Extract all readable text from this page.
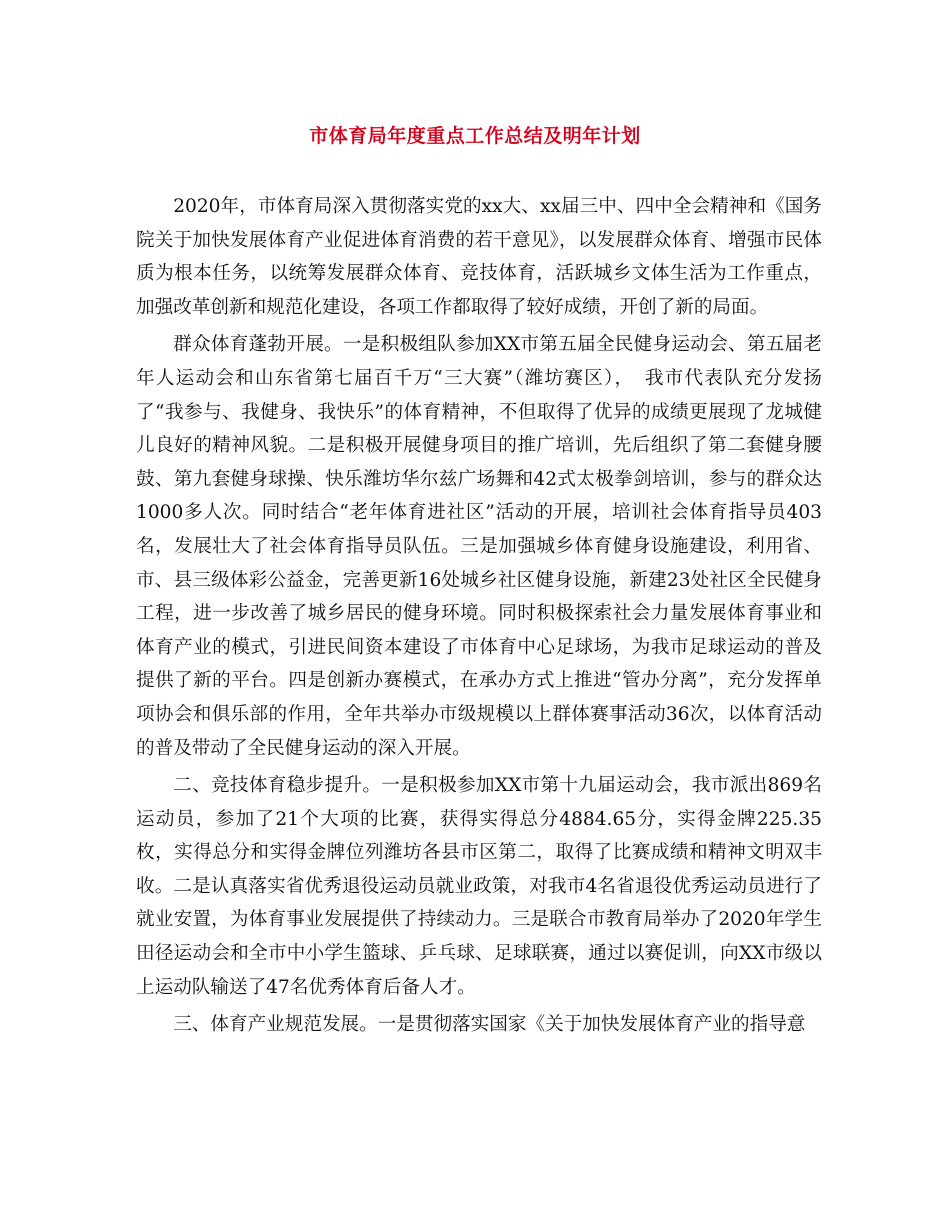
市体育局年度重点工作总结及明年计划

2020年，市体育局深入贯彻落实党的xx大、xx届三中、四中全会精神和《国务院关于加快发展体育产业促进体育消费的若干意见》，以发展群众体育、增强市民体质为根本任务，以统筹发展群众体育、竞技体育，活跃城乡文体生活为工作重点，加强改革创新和规范化建设，各项工作都取得了较好成绩，开创了新的局面。

群众体育蓬勃开展。一是积极组队参加XX市第五届全民健身运动会、第五届老年人运动会和山东省第七届百千万“三大赛”（潍坊赛区），　我市代表队充分发扬了“我参与、我健身、我快乐”的体育精神，不但取得了优异的成绩更展现了龙城健儿良好的精神风貌。二是积极开展健身项目的推广培训，先后组织了第二套健身腰鼓、第九套健身球操、快乐潍坊华尔兹广场舞和42式太极拳剑培训，参与的群众达1000多人次。同时结合“老年体育进社区”活动的开展，培训社会体育指导员403名，发展壮大了社会体育指导员队伍。三是加强城乡体育健身设施建设，利用省、市、县三级体彩公益金，完善更新16处城乡社区健身设施，新建23处社区全民健身工程，进一步改善了城乡居民的健身环境。同时积极探索社会力量发展体育事业和体育产业的模式，引进民间资本建设了市体育中心足球场，为我市足球运动的普及提供了新的平台。四是创新办赛模式，在承办方式上推进“管办分离”，充分发挥单项协会和俱乐部的作用，全年共举办市级规模以上群体赛事活动36次，以体育活动的普及带动了全民健身运动的深入开展。

二、竞技体育稳步提升。一是积极参加XX市第十九届运动会，我市派出869名运动员，参加了21个大项的比赛，获得实得总分4884.65分，实得金牌225.35枚，实得总分和实得金牌位列潍坊各县市区第二，取得了比赛成绩和精神文明双丰收。二是认真落实省优秀退役运动员就业政策，对我市4名省退役优秀运动员进行了就业安置，为体育事业发展提供了持续动力。三是联合市教育局举办了2020年学生田径运动会和全市中小学生篮球、乒乓球、足球联赛，通过以赛促训，向XX市级以上运动队输送了47名优秀体育后备人才。

三、体育产业规范发展。一是贯彻落实国家《关于加快发展体育产业的指导意
